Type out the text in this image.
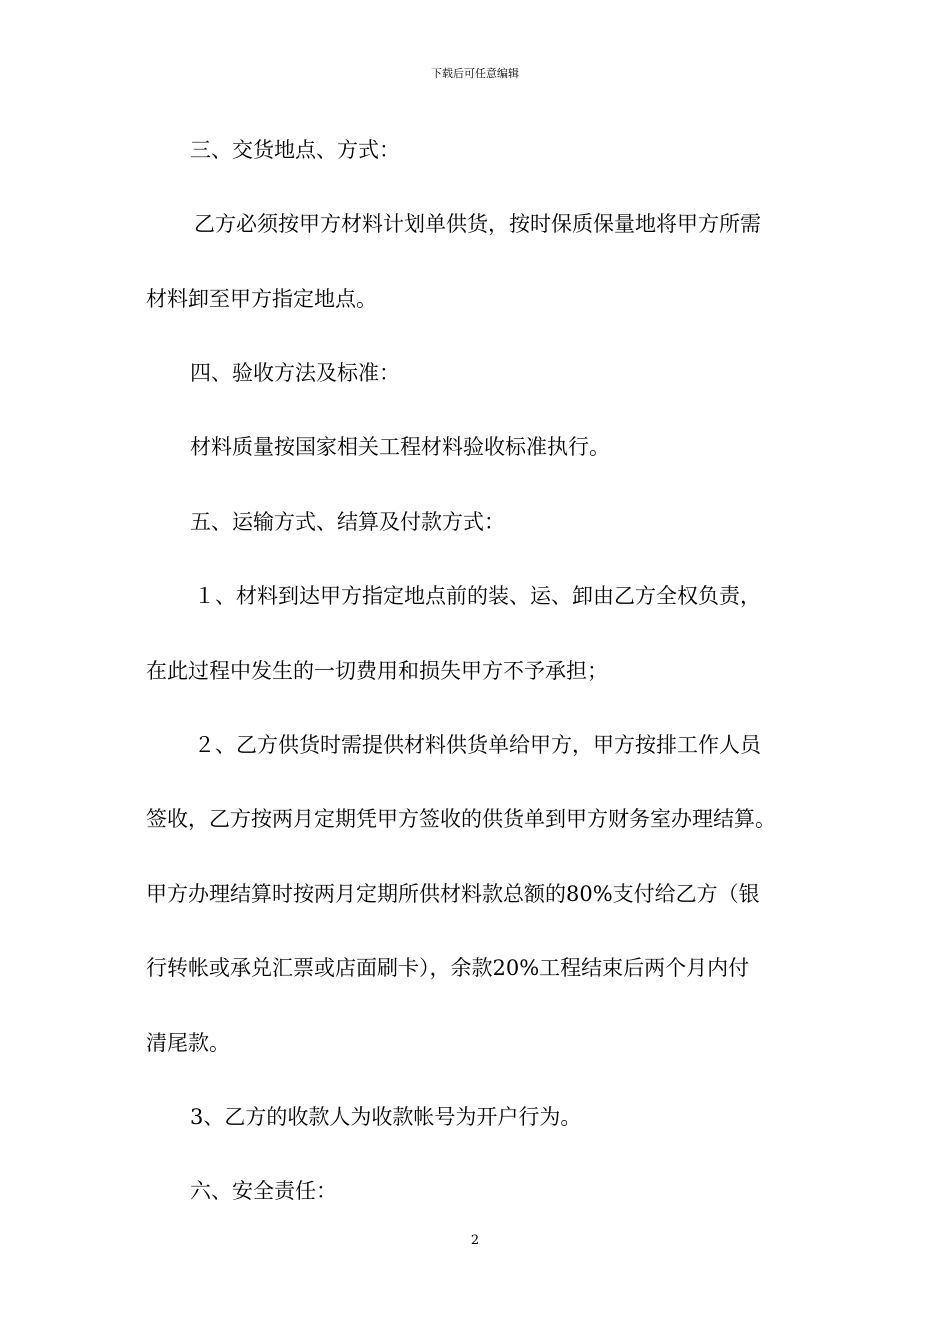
下载后可任意编辑
三、交货地点、方式：
乙方必须按甲方材料计划单供货，按时保质保量地将甲方所需
材料卸至甲方指定地点。
四、验收方法及标准：
材料质量按国家相关工程材料验收标准执行。
五、运输方式、结算及付款方式：
１、材料到达甲方指定地点前的装、运、卸由乙方全权负责，
在此过程中发生的一切费用和损失甲方不予承担；
２、乙方供货时需提供材料供货单给甲方，甲方按排工作人员
签收，乙方按两月定期凭甲方签收的供货单到甲方财务室办理结算。
甲方办理结算时按两月定期所供材料款总额的80%支付给乙方（银
行转帐或承兑汇票或店面刷卡），余款20%工程结束后两个月内付
清尾款。
3、乙方的收款人为收款帐号为开户行为。
六、安全责任：
2
